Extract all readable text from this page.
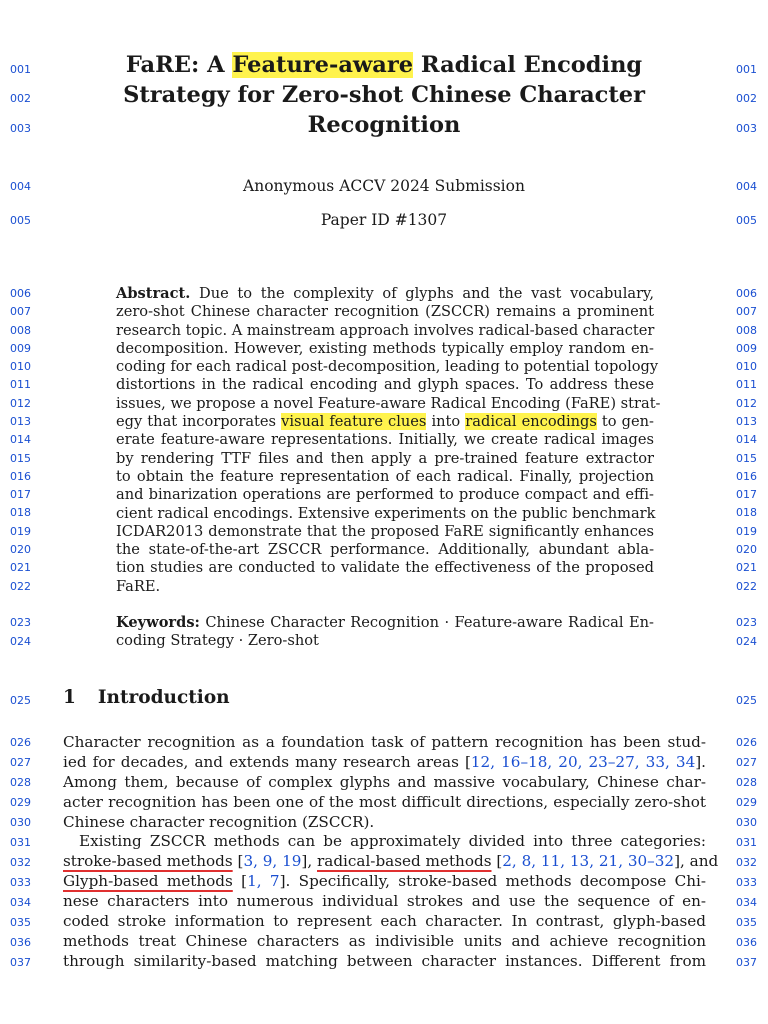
001	001
002	002
003	003
004	004
005	005
006	006
007	007
008	008
009	009
010	010
011	011
012	012
013	013
014	014
015	015
016	016
017	017
018	018
019	019
020	020
021	021
022	022
023	023
024	024
025	025
026	026
027	027
028	028
029	029
030	030
031	031
032	032
033	033
034	034
035	035
036	036
037	037
FaRE: A Feature-aware Radical Encoding
Strategy for Zero-shot Chinese Character
Recognition
Anonymous ACCV 2024 Submission
Paper ID #1307
Abstract. Due to the complexity of glyphs and the vast vocabulary,
zero-shot Chinese character recognition (ZSCCR) remains a prominent
research topic. A mainstream approach involves radical-based character
decomposition. However, existing methods typically employ random en-
coding for each radical post-decomposition, leading to potential topology
distortions in the radical encoding and glyph spaces. To address these
issues, we propose a novel Feature-aware Radical Encoding (FaRE) strat-
egy that incorporates visual feature clues into radical encodings to gen-
erate feature-aware representations. Initially, we create radical images
by rendering TTF files and then apply a pre-trained feature extractor
to obtain the feature representation of each radical. Finally, projection
and binarization operations are performed to produce compact and effi-
cient radical encodings. Extensive experiments on the public benchmark
ICDAR2013 demonstrate that the proposed FaRE significantly enhances
the state-of-the-art ZSCCR performance. Additionally, abundant abla-
tion studies are conducted to validate the effectiveness of the proposed
FaRE.
Keywords: Chinese Character Recognition · Feature-aware Radical En-
coding Strategy · Zero-shot
1 Introduction
Character recognition as a foundation task of pattern recognition has been stud-
ied for decades, and extends many research areas [12, 16–18, 20, 23–27, 33, 34].
Among them, because of complex glyphs and massive vocabulary, Chinese char-
acter recognition has been one of the most difficult directions, especially zero-shot
Chinese character recognition (ZSCCR).
Existing ZSCCR methods can be approximately divided into three categories:
stroke-based methods [3, 9, 19], radical-based methods [2, 8, 11, 13, 21, 30–32], and
Glyph-based methods [1, 7]. Specifically, stroke-based methods decompose Chi-
nese characters into numerous individual strokes and use the sequence of en-
coded stroke information to represent each character. In contrast, glyph-based
methods treat Chinese characters as indivisible units and achieve recognition
through similarity-based matching between character instances. Different from
